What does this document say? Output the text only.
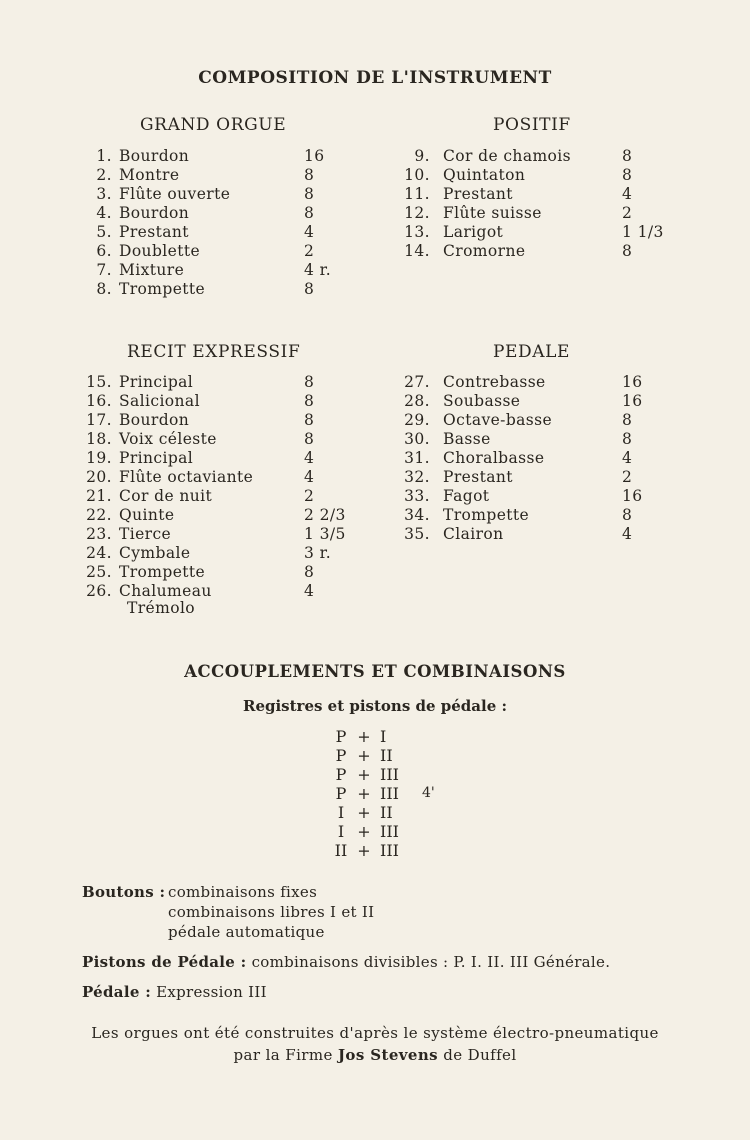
COMPOSITION DE L'INSTRUMENT
GRAND ORGUE
1. Bourdon	16
2. Montre	8
3. Flûte ouverte	8
4. Bourdon	8
5. Prestant	4
6. Doublette	2
7. Mixture	4 r.
8. Trompette	8
POSITIF
9. Cor de chamois	8
10. Quintaton	8
11. Prestant	4
12. Flûte suisse	2
13. Larigot	1 1/3
14. Cromorne	8
RECIT EXPRESSIF
15. Principal	8
16. Salicional	8
17. Bourdon	8
18. Voix céleste	8
19. Principal	4
20. Flûte octaviante	4
21. Cor de nuit	2
22. Quinte	2 2/3
23. Tierce	1 3/5
24. Cymbale	3 r.
25. Trompette	8
26. Chalumeau	4
Trémolo
PEDALE
27. Contrebasse	16
28. Soubasse	16
29. Octave-basse	8
30. Basse	8
31. Choralbasse	4
32. Prestant	2
33. Fagot	16
34. Trompette	8
35. Clairon	4
ACCOUPLEMENTS ET COMBINAISONS
Registres et pistons de pédale :
P + I
P + II
P + III
P + III 4'
I + II
I + III
II + III
Boutons : combinaisons fixes
combinaisons libres I et II
pédale automatique
Pistons de Pédale : combinaisons divisibles : P. I. II. III Générale.
Pédale : Expression III
Les orgues ont été construites d'après le système électro-pneumatique
par la Firme Jos Stevens de Duffel
